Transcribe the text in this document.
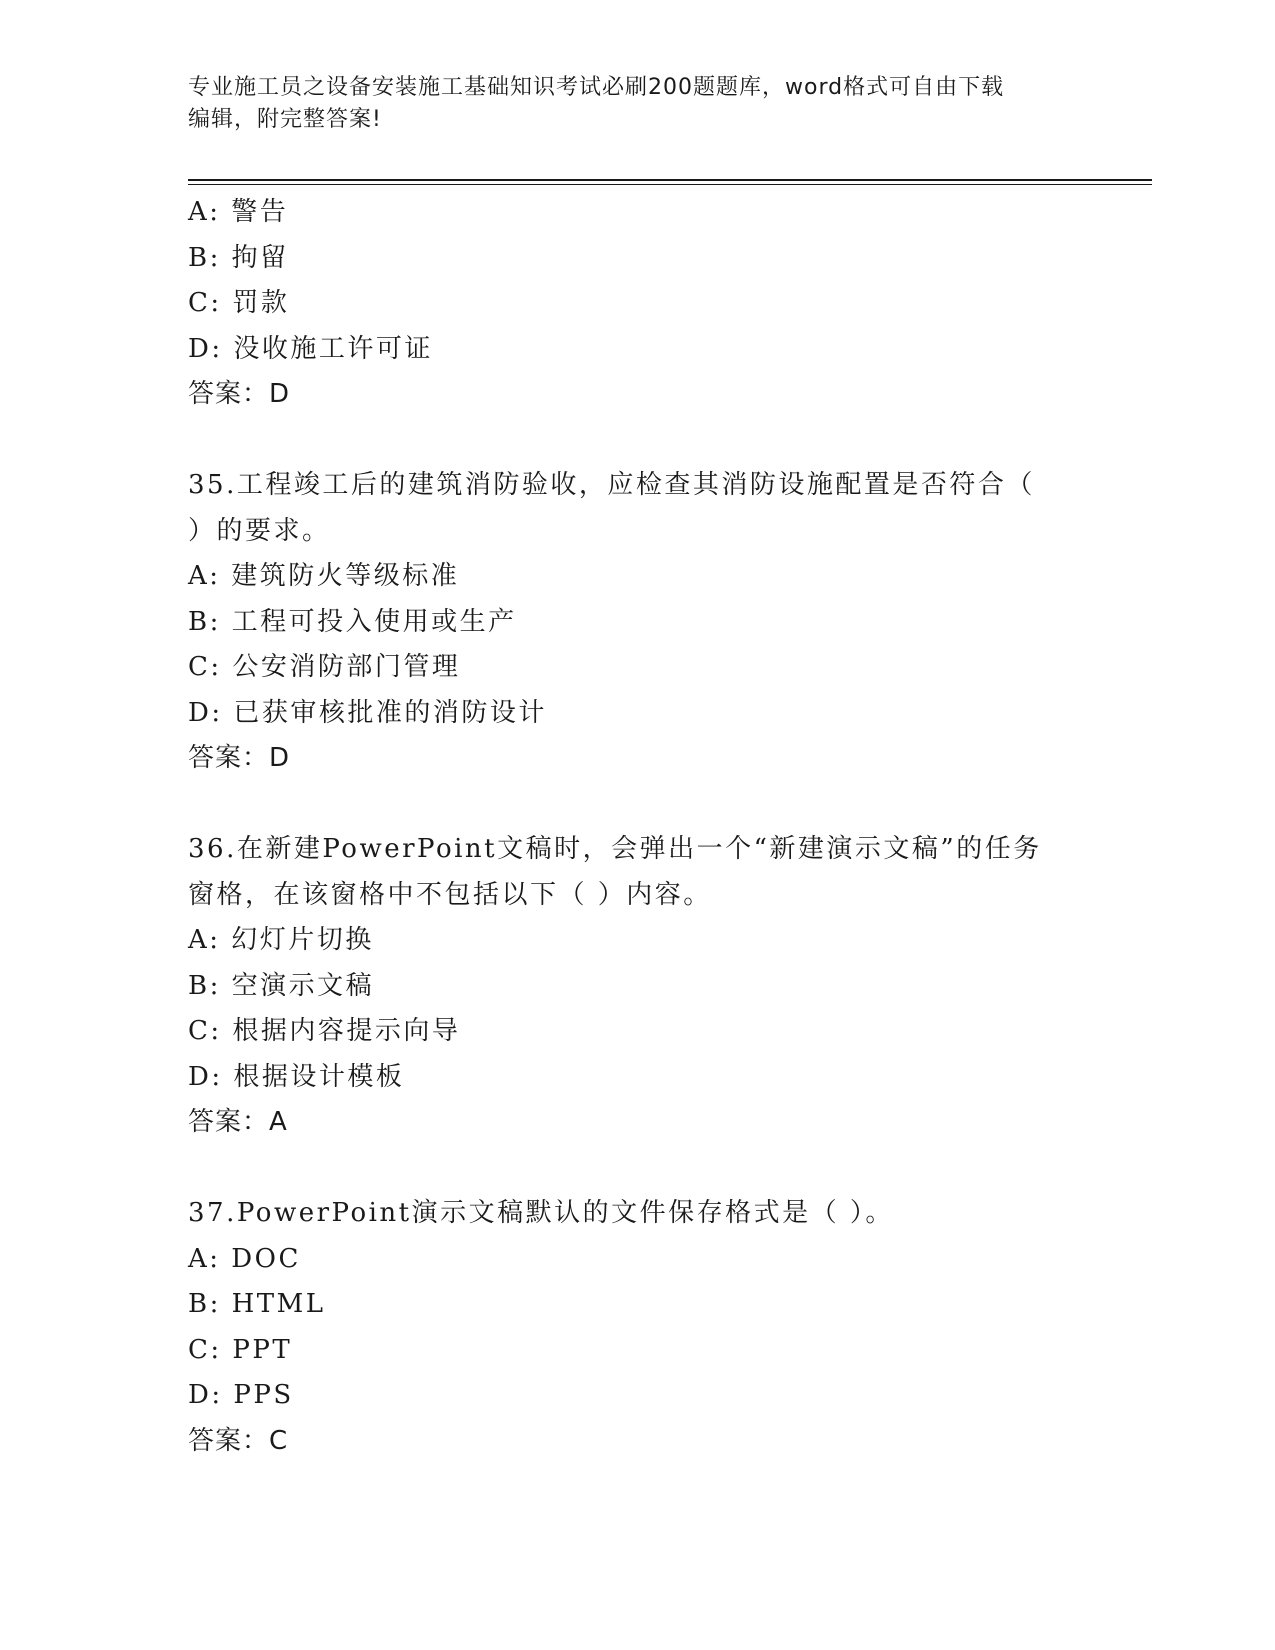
专业施工员之设备安装施工基础知识考试必刷200题题库，word格式可自由下载
编辑，附完整答案!
A: 警告
B: 拘留
C: 罚款
D: 没收施工许可证
答案：D
35.工程竣工后的建筑消防验收，应检查其消防设施配置是否符合（
）的要求。
A: 建筑防火等级标准
B: 工程可投入使用或生产
C: 公安消防部门管理
D: 已获审核批准的消防设计
答案：D
36.在新建PowerPoint文稿时，会弹出一个“新建演示文稿”的任务
窗格，在该窗格中不包括以下（ ）内容。
A: 幻灯片切换
B: 空演示文稿
C: 根据内容提示向导
D: 根据设计模板
答案：A
37.PowerPoint演示文稿默认的文件保存格式是（ ）。
A: DOC
B: HTML
C: PPT
D: PPS
答案：C
